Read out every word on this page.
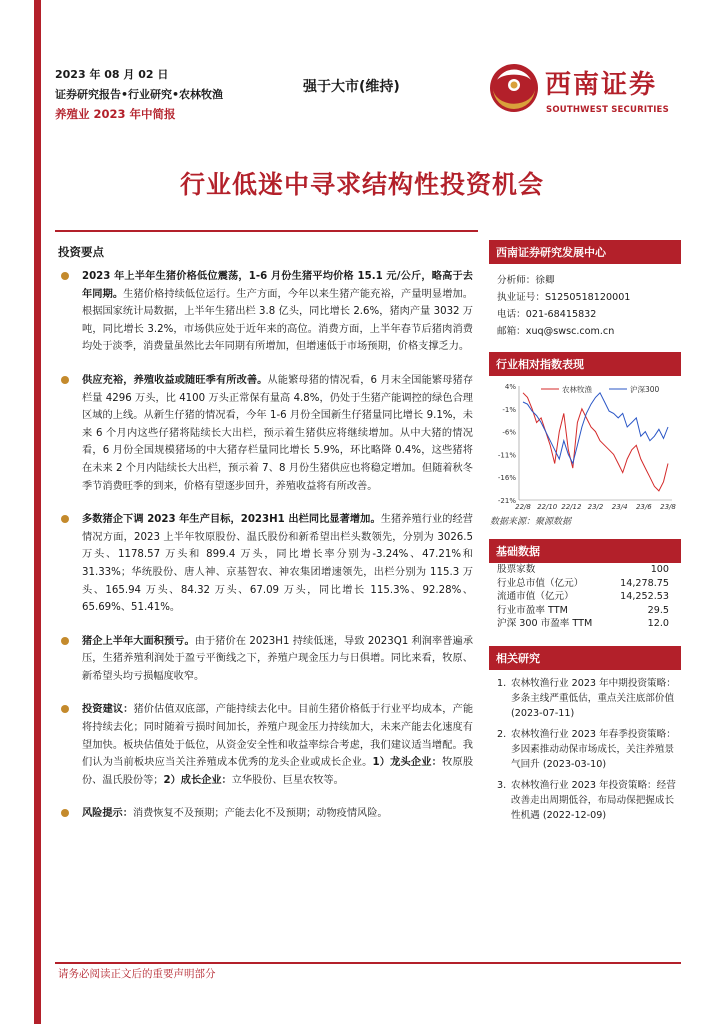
2023 年 08 月 02 日
证券研究报告•行业研究•农林牧渔
养殖业 2023 年中简报
强于大市(维持)	西南证券
SOUTHWEST SECURITIES
行业低迷中寻求结构性投资机会
投资要点
2023 年上半年生猪价格低位震荡，1-6 月份生猪平均价格 15.1 元/公斤，略高于去年同期。生猪价格持续低位运行。生产方面，今年以来生猪产能充裕，产量明显增加。根据国家统计局数据，上半年生猪出栏 3.8 亿头，同比增长 2.6%，猪肉产量 3032 万吨，同比增长 3.2%，市场供应处于近年来的高位。消费方面，上半年春节后猪肉消费均处于淡季，消费量虽然比去年同期有所增加，但增速低于市场预期，价格支撑乏力。
供应充裕，养殖收益或随旺季有所改善。从能繁母猪的情况看，6 月末全国能繁母猪存栏量 4296 万头，比 4100 万头正常保有量高 4.8%，仍处于生猪产能调控的绿色合理区域的上线。从新生仔猪的情况看，今年 1-6 月份全国新生仔猪量同比增长 9.1%，未来 6 个月内这些仔猪将陆续长大出栏，预示着生猪供应将继续增加。从中大猪的情况看，6 月份全国规模猪场的中大猪存栏量同比增长 5.9%，环比略降 0.4%，这些猪将在未来 2 个月内陆续长大出栏，预示着 7、8 月份生猪供应也将稳定增加。但随着秋冬季节消费旺季的到来，价格有望逐步回升，养殖收益将有所改善。
多数猪企下调 2023 年生产目标，2023H1 出栏同比显著增加。生猪养殖行业的经营情况方面，2023 上半年牧原股份、温氏股份和新希望出栏头数领先，分别为 3026.5 万头、1178.57 万头和 899.4 万头，同比增长率分别为-3.24%、47.21%和 31.33%；华统股份、唐人神、京基智农、神农集团增速领先，出栏分别为 115.3 万头、165.94 万头、84.32 万头、67.09 万头，同比增长 115.3%、92.28%、65.69%、51.41%。
猪企上半年大面积预亏。由于猪价在 2023H1 持续低迷，导致 2023Q1 利润率普遍承压，生猪养殖利润处于盈亏平衡线之下，养殖户现金压力与日俱增。同比来看，牧原、新希望头均亏损幅度收窄。
投资建议：猪价估值双底部，产能持续去化中。目前生猪价格低于行业平均成本，产能将持续去化；同时随着亏损时间加长，养殖户现金压力持续加大，未来产能去化速度有望加快。板块估值处于低位，从资金安全性和收益率综合考虑，我们建议适当增配。我们认为当前板块应当关注养殖成本优秀的龙头企业或成长企业。1）龙头企业：牧原股份、温氏股份等；2）成长企业：立华股份、巨星农牧等。
风险提示：消费恢复不及预期；产能去化不及预期；动物疫情风险。
西南证券研究发展中心
分析师：徐卿
执业证号：S1250518120001
电话：021-68415832
邮箱：xuq@swsc.com.cn
行业相对指数表现
4%
-1%
-6%
-11%
-16%
-21%
22/8 22/10 22/12 23/2 23/4 23/6 23/8
农林牧渔	沪深300
数据来源：聚源数据
基础数据
股票家数	100
行业总市值（亿元）	14,278.75
流通市值（亿元）	14,252.53
行业市盈率 TTM	29.5
沪深 300 市盈率 TTM	12.0
相关研究
1. 农林牧渔行业 2023 年中期投资策略：多条主线严重低估，重点关注底部价值 (2023-07-11)
2. 农林牧渔行业 2023 年春季投资策略：多因素推动动保市场成长，关注养殖景气回升 (2023-03-10)
3. 农林牧渔行业 2023 年投资策略：经营改善走出周期低谷，布局动保把握成长性机遇 (2022-12-09)
请务必阅读正文后的重要声明部分
